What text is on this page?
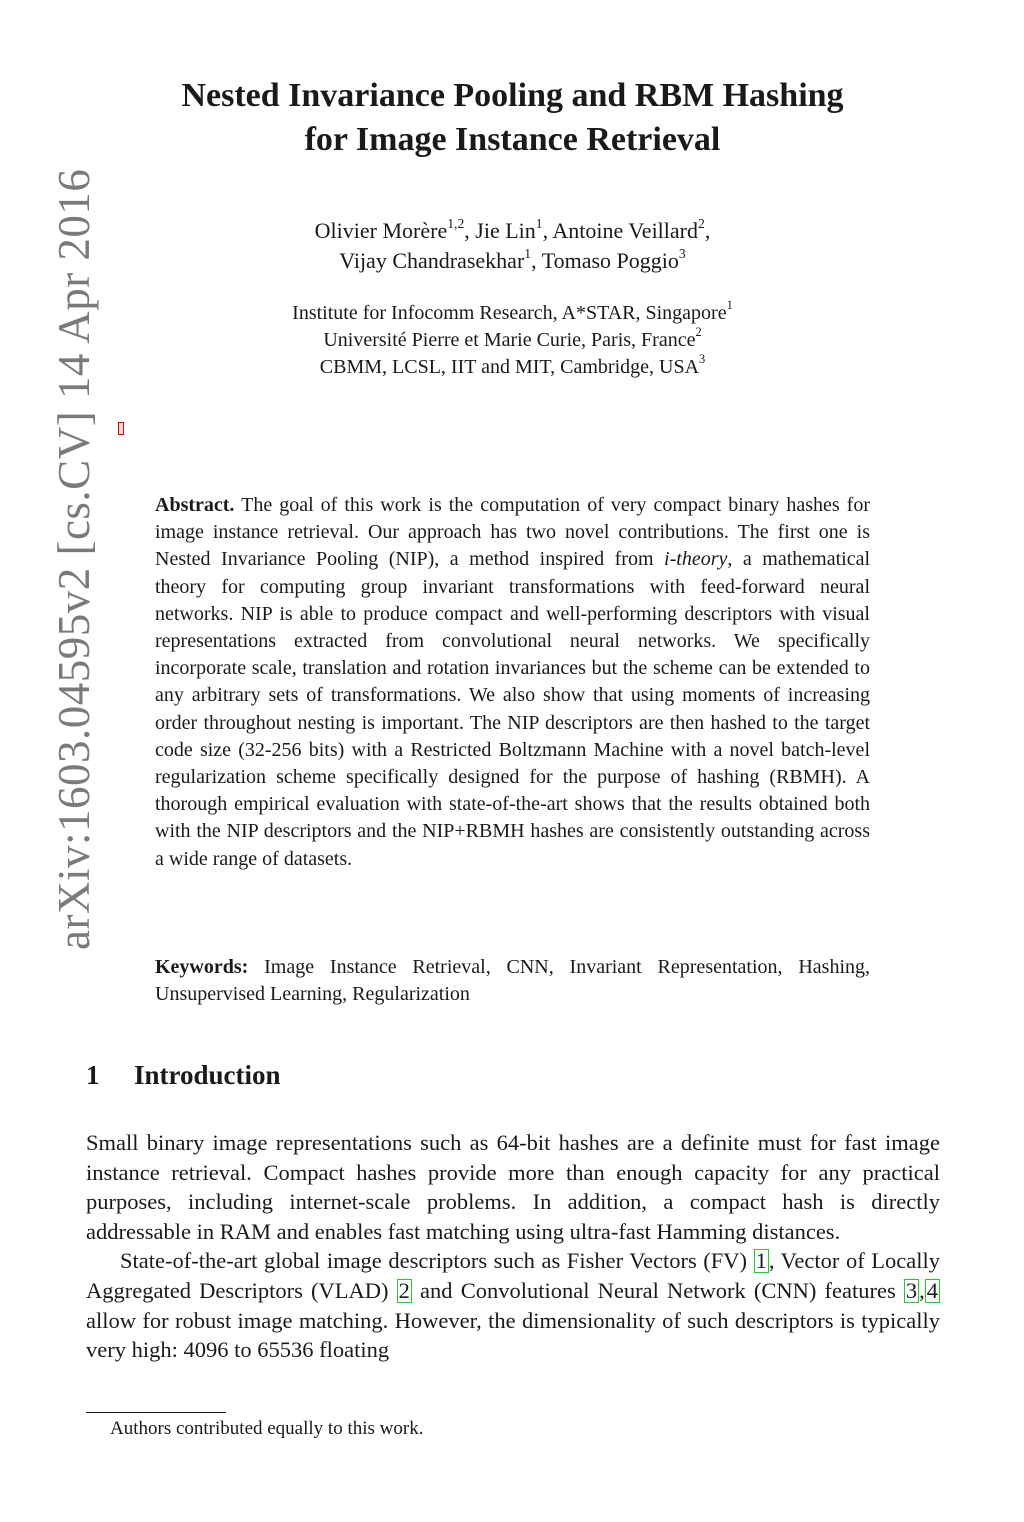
arXiv:1603.04595v2 [cs.CV] 14 Apr 2016
Nested Invariance Pooling and RBM Hashing
for Image Instance Retrieval
Olivier Morère$^{1,2}$, Jie Lin$^1$, Antoine Veillard$^2$,
Vijay Chandrasekhar$^1$, Tomaso Poggio$^3$
Institute for Infocomm Research, A*STAR, Singapore$^1$
Université Pierre et Marie Curie, Paris, France$^2$
CBMM, LCSL, IIT and MIT, Cambridge, USA$^3$
Abstract. The goal of this work is the computation of very compact binary hashes for image instance retrieval. Our approach has two novel contributions. The first one is Nested Invariance Pooling (NIP), a method inspired from i-theory, a mathematical theory for computing group invariant transformations with feed-forward neural networks. NIP is able to produce compact and well-performing descriptors with visual representations extracted from convolutional neural networks. We specifically incorporate scale, translation and rotation invariances but the scheme can be extended to any arbitrary sets of transformations. We also show that using moments of increasing order throughout nesting is important. The NIP descriptors are then hashed to the target code size (32-256 bits) with a Restricted Boltzmann Machine with a novel batch-level regularization scheme specifically designed for the purpose of hashing (RBMH). A thorough empirical evaluation with state-of-the-art shows that the results obtained both with the NIP descriptors and the NIP+RBMH hashes are consistently outstanding across a wide range of datasets.
Keywords: Image Instance Retrieval, CNN, Invariant Representation, Hashing, Unsupervised Learning, Regularization
1 Introduction

Small binary image representations such as 64-bit hashes are a definite must for fast image instance retrieval. Compact hashes provide more than enough capacity for any practical purposes, including internet-scale problems. In addition, a compact hash is directly addressable in RAM and enables fast matching using ultra-fast Hamming distances.

State-of-the-art global image descriptors such as Fisher Vectors (FV) 1, Vector of Locally Aggregated Descriptors (VLAD) 2 and Convolutional Neural Network (CNN) features 3,4 allow for robust image matching. However, the dimensionality of such descriptors is typically very high: 4096 to 65536 floating

Authors contributed equally to this work.
